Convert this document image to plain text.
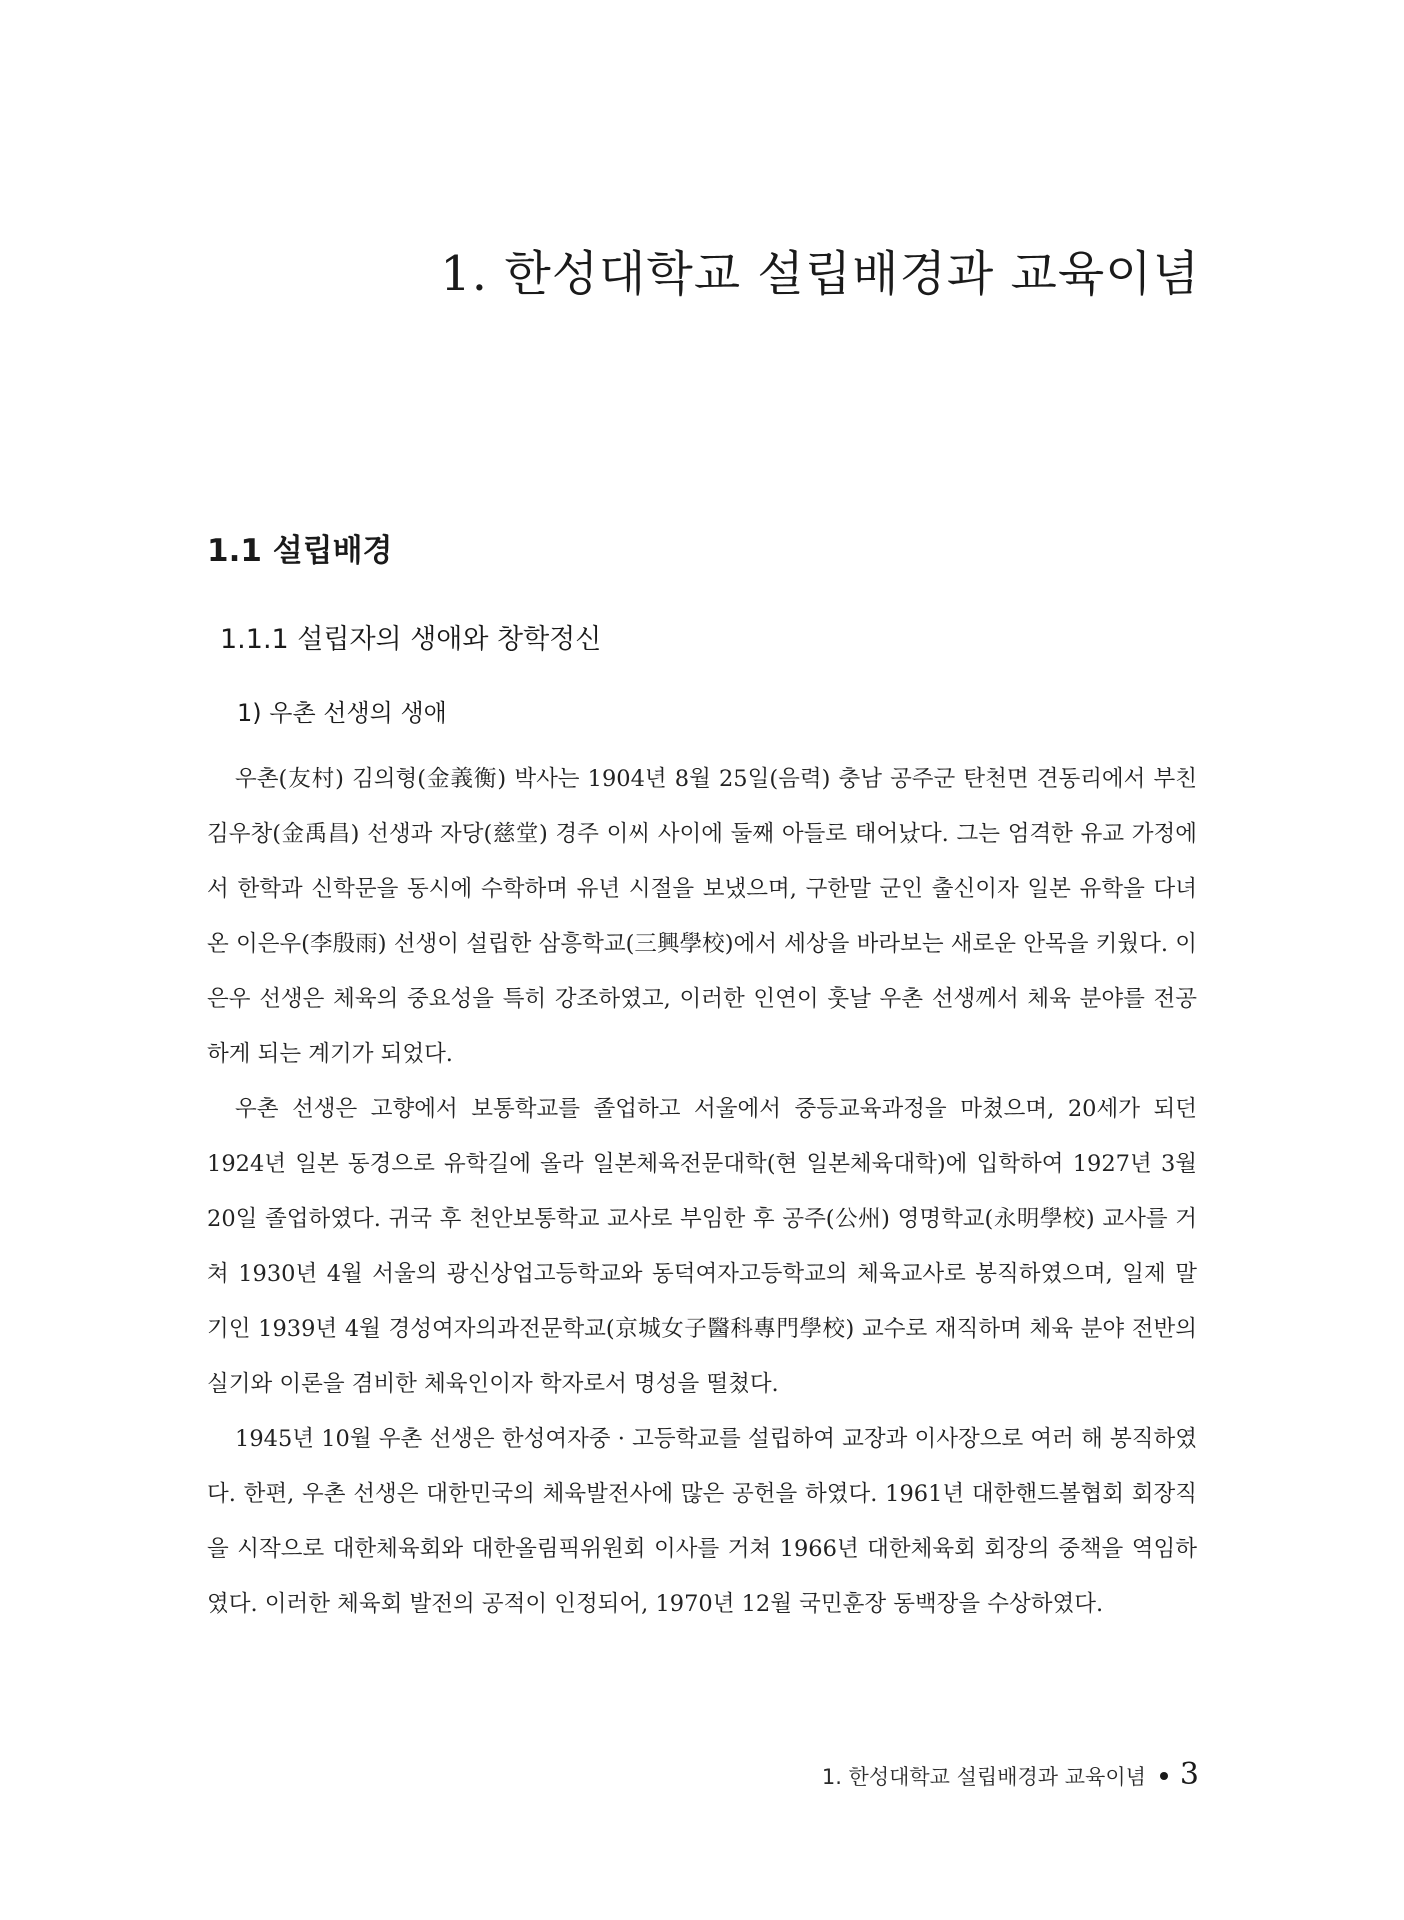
1. 한성대학교 설립배경과 교육이념
1.1 설립배경
1.1.1 설립자의 생애와 창학정신
1) 우촌 선생의 생애

우촌(友村) 김의형(金義衡) 박사는 1904년 8월 25일(음력) 충남 공주군 탄천면 견동리에서 부친 김우창(金禹昌) 선생과 자당(慈堂) 경주 이씨 사이에 둘째 아들로 태어났다. 그는 엄격한 유교 가정에서 한학과 신학문을 동시에 수학하며 유년 시절을 보냈으며, 구한말 군인 출신이자 일본 유학을 다녀온 이은우(李殷雨) 선생이 설립한 삼흥학교(三興學校)에서 세상을 바라보는 새로운 안목을 키웠다. 이은우 선생은 체육의 중요성을 특히 강조하였고, 이러한 인연이 훗날 우촌 선생께서 체육 분야를 전공하게 되는 계기가 되었다.

우촌 선생은 고향에서 보통학교를 졸업하고 서울에서 중등교육과정을 마쳤으며, 20세가 되던 1924년 일본 동경으로 유학길에 올라 일본체육전문대학(현 일본체육대학)에 입학하여 1927년 3월 20일 졸업하였다. 귀국 후 천안보통학교 교사로 부임한 후 공주(公州) 영명학교(永明學校) 교사를 거쳐 1930년 4월 서울의 광신상업고등학교와 동덕여자고등학교의 체육교사로 봉직하였으며, 일제 말기인 1939년 4월 경성여자의과전문학교(京城女子醫科專門學校) 교수로 재직하며 체육 분야 전반의 실기와 이론을 겸비한 체육인이자 학자로서 명성을 떨쳤다.

1945년 10월 우촌 선생은 한성여자중 · 고등학교를 설립하여 교장과 이사장으로 여러 해 봉직하였다. 한편, 우촌 선생은 대한민국의 체육발전사에 많은 공헌을 하였다. 1961년 대한핸드볼협회 회장직을 시작으로 대한체육회와 대한올림픽위원회 이사를 거쳐 1966년 대한체육회 회장의 중책을 역임하였다. 이러한 체육회 발전의 공적이 인정되어, 1970년 12월 국민훈장 동백장을 수상하였다.

1. 한성대학교 설립배경과 교육이념 3
